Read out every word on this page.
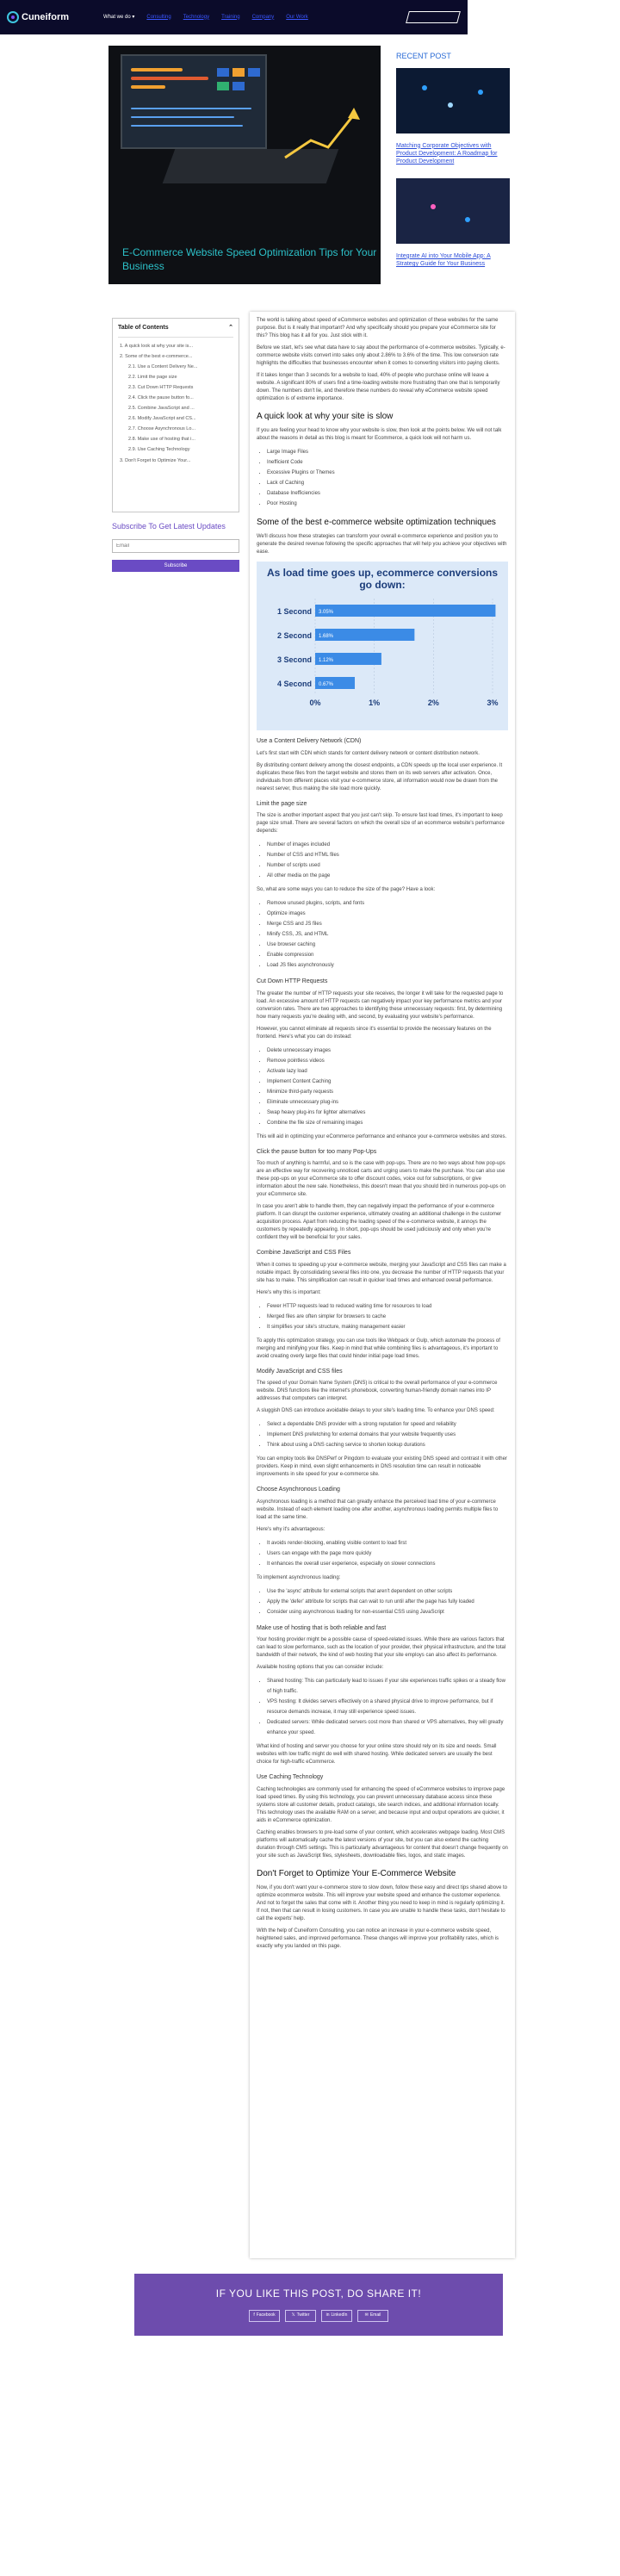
Cuneiform	What we do ▾ Consulting Technology Training Company Our Work
E-Commerce Website Speed Optimization Tips for Your Business
RECENT POST
Matching Corporate Objectives with Product Development: A Roadmap for Product Development
Integrate AI into Your Mobile App: A Strategy Guide for Your Business
Table of Contents	⌃
1. A quick look at why your site is...
2. Some of the best e-commerce...
2.1. Use a Content Delivery Ne...
2.2. Limit the page size
2.3. Cut Down HTTP Requests
2.4. Click the pause button fo...
2.5. Combine JavaScript and ...
2.6. Modify JavaScript and CS...
2.7. Choose Asynchronous Lo...
2.8. Make use of hosting that i...
2.9. Use Caching Technology
3. Don't Forget to Optimize Your...
Subscribe To Get Latest Updates
Email
Subscribe

The world is talking about speed of eCommerce websites and optimization of these websites for the same purpose. But is it really that important? And why specifically should you prepare your eCommerce site for this? This blog has it all for you. Just stick with it.

Before we start, let's see what data have to say about the performance of e-commerce websites. Typically, e-commerce website visits convert into sales only about 2.86% to 3.6% of the time. This low conversion rate highlights the difficulties that businesses encounter when it comes to converting visitors into paying clients.

If it takes longer than 3 seconds for a website to load, 40% of people who purchase online will leave a website. A significant 80% of users find a time-loading website more frustrating than one that is temporarily down. The numbers don't lie, and therefore these numbers do reveal why eCommerce website speed optimization is of extreme importance.

A quick look at why your site is slow

If you are feeling your head to know why your website is slow, then look at the points below. We will not talk about the reasons in detail as this blog is meant for Ecommerce, a quick look will not harm us.

• Large Image Files
• Inefficient Code
• Excessive Plugins or Themes
• Lack of Caching
• Database Inefficiencies
• Poor Hosting
Some of the best e-commerce website optimization techniques

We'll discuss how these strategies can transform your overall e-commerce experience and position you to generate the desired revenue following the specific approaches that will help you achieve your objectives with ease.

As load time goes up, ecommerce conversions go down:
0%	1%	2%	3%
1 Second 3.05%
2 Second 1.68%
3 Second 1.12%
4 Second 0.67%
Use a Content Delivery Network (CDN)

Let's first start with CDN which stands for content delivery network or content distribution network.

By distributing content delivery among the closest endpoints, a CDN speeds up the local user experience. It duplicates these files from the target website and stores them on its web servers after activation. Once, individuals from different places visit your e-commerce store, all information would now be drawn from the nearest server, thus making the site load more quickly.

Limit the page size

The size is another important aspect that you just can't skip. To ensure fast load times, it's important to keep page size small. There are several factors on which the overall size of an ecommerce website's performance depends:

• Number of images included
• Number of CSS and HTML files
• Number of scripts used
• All other media on the page

So, what are some ways you can to reduce the size of the page? Have a look:

• Remove unused plugins, scripts, and fonts
• Optimize images
• Merge CSS and JS files
• Minify CSS, JS, and HTML
• Use browser caching
• Enable compression
• Load JS files asynchronously
Cut Down HTTP Requests

The greater the number of HTTP requests your site receives, the longer it will take for the requested page to load. An excessive amount of HTTP requests can negatively impact your key performance metrics and your conversion rates. There are two approaches to identifying these unnecessary requests: first, by determining how many requests you're dealing with, and second, by evaluating your website's performance.

However, you cannot eliminate all requests since it's essential to provide the necessary features on the frontend. Here's what you can do instead:

• Delete unnecessary images
• Remove pointless videos
• Activate lazy load
• Implement Content Caching
• Minimize third-party requests
• Eliminate unnecessary plug-ins
• Swap heavy plug-ins for lighter alternatives
• Combine the file size of remaining images

This will aid in optimizing your eCommerce performance and enhance your e-commerce websites and stores.

Click the pause button for too many Pop-Ups

Too much of anything is harmful, and so is the case with pop-ups. There are no two ways about how pop-ups are an effective way for recovering unnoticed carts and urging users to make the purchase. You can also use these pop-ups on your eCommerce site to offer discount codes, voice out for subscriptions, or give information about the new sale. Nonetheless, this doesn't mean that you should bird in numerous pop-ups on your eCommerce site.

In case you aren't able to handle them, they can negatively impact the performance of your e-commerce platform. It can disrupt the customer experience, ultimately creating an additional challenge in the customer acquisition process. Apart from reducing the loading speed of the e-commerce website, it annoys the customers by repeatedly appearing. In short, pop-ups should be used judiciously and only when you're confident they will be beneficial for your sales.

Combine JavaScript and CSS Files

When it comes to speeding up your e-commerce website, merging your JavaScript and CSS files can make a notable impact. By consolidating several files into one, you decrease the number of HTTP requests that your site has to make. This simplification can result in quicker load times and enhanced overall performance.

Here's why this is important:

• Fewer HTTP requests lead to reduced waiting time for resources to load
• Merged files are often simpler for browsers to cache
• It simplifies your site's structure, making management easier

To apply this optimization strategy, you can use tools like Webpack or Gulp, which automate the process of merging and minifying your files. Keep in mind that while combining files is advantageous, it's important to avoid creating overly large files that could hinder initial page load times.

Modify JavaScript and CSS files

The speed of your Domain Name System (DNS) is critical to the overall performance of your e-commerce website. DNS functions like the internet's phonebook, converting human-friendly domain names into IP addresses that computers can interpret.

A sluggish DNS can introduce avoidable delays to your site's loading time. To enhance your DNS speed:

• Select a dependable DNS provider with a strong reputation for speed and reliability
• Implement DNS prefetching for external domains that your website frequently uses
• Think about using a DNS caching service to shorten lookup durations

You can employ tools like DNSPerf or Pingdom to evaluate your existing DNS speed and contrast it with other providers. Keep in mind, even slight enhancements in DNS resolution time can result in noticeable improvements in site speed for your e-commerce site.

Choose Asynchronous Loading

Asynchronous loading is a method that can greatly enhance the perceived load time of your e-commerce website. Instead of each element loading one after another, asynchronous loading permits multiple files to load at the same time.

Here's why it's advantageous:

• It avoids render-blocking, enabling visible content to load first
• Users can engage with the page more quickly
• It enhances the overall user experience, especially on slower connections

To implement asynchronous loading:

• Use the 'async' attribute for external scripts that aren't dependent on other scripts
• Apply the 'defer' attribute for scripts that can wait to run until after the page has fully loaded
• Consider using asynchronous loading for non-essential CSS using JavaScript
Make use of hosting that is both reliable and fast

Your hosting provider might be a possible cause of speed-related issues. While there are various factors that can lead to slow performance, such as the location of your provider, their physical infrastructure, and the total bandwidth of their network, the kind of web hosting that your site employs can also affect its performance.

Available hosting options that you can consider include:

• Shared hosting: This can particularly lead to issues if your site experiences traffic spikes or a steady flow of high traffic.
• VPS hosting: It divides servers effectively on a shared physical drive to improve performance, but if resource demands increase, it may still experience speed issues.
• Dedicated servers: While dedicated servers cost more than shared or VPS alternatives, they will greatly enhance your speed.

What kind of hosting and server you choose for your online store should rely on its size and needs. Small websites with low traffic might do well with shared hosting. While dedicated servers are usually the best choice for high-traffic eCommerce.

Use Caching Technology

Caching technologies are commonly used for enhancing the speed of eCommerce websites to improve page load speed times. By using this technology, you can prevent unnecessary database access since these systems store all customer details, product catalogs, site search indices, and additional information locally. This technology uses the available RAM on a server, and because input and output operations are quicker, it aids in eCommerce optimization.

Caching enables browsers to pre-load some of your content, which accelerates webpage loading. Most CMS platforms will automatically cache the latest versions of your site, but you can also extend the caching duration through CMS settings. This is particularly advantageous for content that doesn't change frequently on your site such as JavaScript files, stylesheets, downloadable files, logos, and static images.

Don't Forget to Optimize Your E-Commerce Website

Now, if you don't want your e-commerce store to slow down, follow these easy and direct tips shared above to optimize ecommerce website. This will improve your website speed and enhance the customer experience. And not to forget the sales that come with it. Another thing you need to keep in mind is regularly optimizing it. If not, then that can result in losing customers. In case you are unable to handle these tasks, don't hesitate to call the experts' help.

With the help of Cuneiform Consulting, you can notice an increase in your e-commerce website speed, heightened sales, and improved performance. These changes will improve your profitability rates, which is exactly why you landed on this page.

IF YOU LIKE THIS POST, DO SHARE IT!
f Facebook	𝕏 Twitter	in LinkedIn	✉ Email
